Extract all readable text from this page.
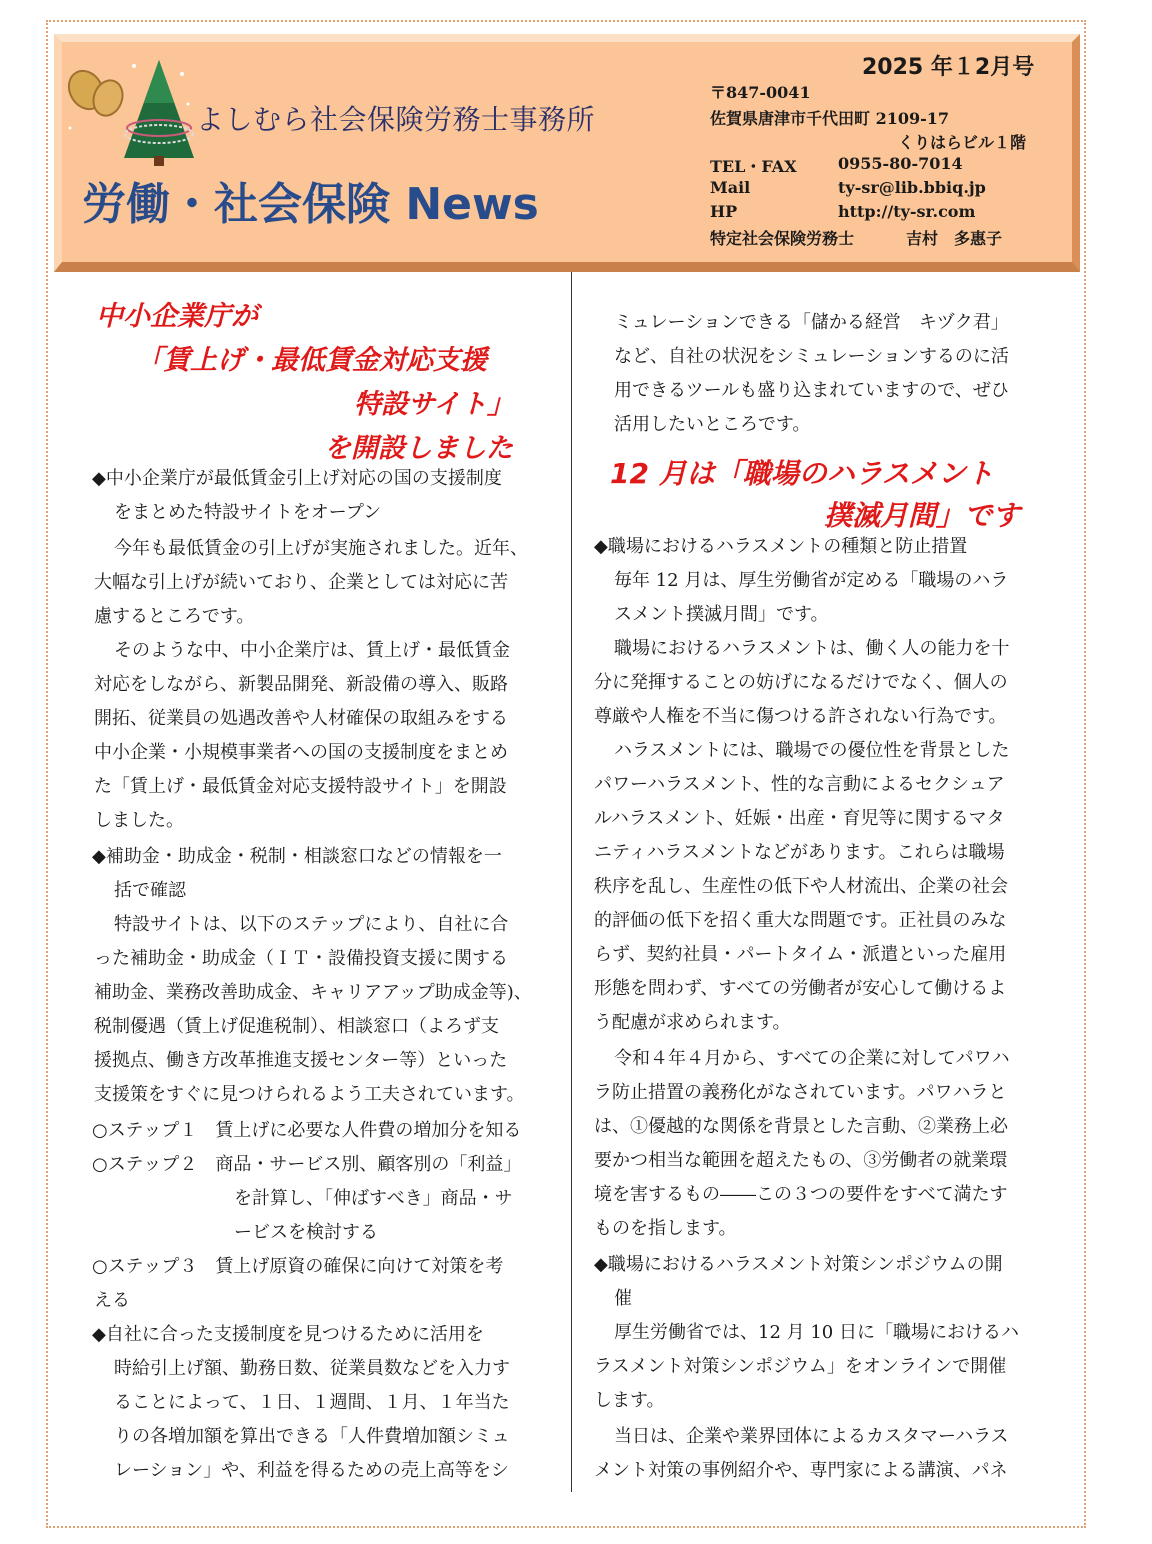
よしむら社会保険労務士事務所
労働・社会保険 News
2025 年１2月号
〒847-0041
佐賀県唐津市千代田町 2109-17
くりはらビル１階
TEL・FAX	0955-80-7014
Mail	ty-sr@lib.bbiq.jp
HP	http://ty-sr.com
特定社会保険労務士	吉村　多惠子
中小企業庁が
「賃上げ・最低賃金対応支援
特設サイト」
を開設しました
◆中小企業庁が最低賃金引上げ対応の国の支援制度
をまとめた特設サイトをオープン
今年も最低賃金の引上げが実施されました。近年、
大幅な引上げが続いており、企業としては対応に苦
慮するところです。
そのような中、中小企業庁は、賃上げ・最低賃金
対応をしながら、新製品開発、新設備の導入、販路
開拓、従業員の処遇改善や人材確保の取組みをする
中小企業・小規模事業者への国の支援制度をまとめ
た「賃上げ・最低賃金対応支援特設サイト」を開設
しました。
◆補助金・助成金・税制・相談窓口などの情報を一
括で確認
特設サイトは、以下のステップにより、自社に合
った補助金・助成金（ＩＴ・設備投資支援に関する
補助金、業務改善助成金、キャリアアップ助成金等)、
税制優遇（賃上げ促進税制）、相談窓口（よろず支
援拠点、働き方改革推進支援センター等）といった
支援策をすぐに見つけられるよう工夫されています。
○ステップ１　賃上げに必要な人件費の増加分を知る
○ステップ２　商品・サービス別、顧客別の「利益」
を計算し、「伸ばすべき」商品・サ
ービスを検討する
○ステップ３　賃上げ原資の確保に向けて対策を考
える
◆自社に合った支援制度を見つけるために活用を
時給引上げ額、勤務日数、従業員数などを入力す
ることによって、１日、１週間、１月、１年当た
りの各増加額を算出できる「人件費増加額シミュ
レーション」や、利益を得るための売上高等をシ
ミュレーションできる「儲かる経営　キヅク君」
など、自社の状況をシミュレーションするのに活
用できるツールも盛り込まれていますので、ぜひ
活用したいところです。
12 月は「職場のハラスメント
撲滅月間」です
◆職場におけるハラスメントの種類と防止措置
毎年 12 月は、厚生労働省が定める「職場のハラ
スメント撲滅月間」です。
職場におけるハラスメントは、働く人の能力を十
分に発揮することの妨げになるだけでなく、個人の
尊厳や人権を不当に傷つける許されない行為です。
ハラスメントには、職場での優位性を背景とした
パワーハラスメント、性的な言動によるセクシュア
ルハラスメント、妊娠・出産・育児等に関するマタ
ニティハラスメントなどがあります。これらは職場
秩序を乱し、生産性の低下や人材流出、企業の社会
的評価の低下を招く重大な問題です。正社員のみな
らず、契約社員・パートタイム・派遣といった雇用
形態を問わず、すべての労働者が安心して働けるよ
う配慮が求められます。
令和４年４月から、すべての企業に対してパワハ
ラ防止措置の義務化がなされています。パワハラと
は、①優越的な関係を背景とした言動、②業務上必
要かつ相当な範囲を超えたもの、③労働者の就業環
境を害するもの――この３つの要件をすべて満たす
ものを指します。
◆職場におけるハラスメント対策シンポジウムの開
催
厚生労働省では、12 月 10 日に「職場におけるハ
ラスメント対策シンポジウム」をオンラインで開催
します。
当日は、企業や業界団体によるカスタマーハラス
メント対策の事例紹介や、専門家による講演、パネ
